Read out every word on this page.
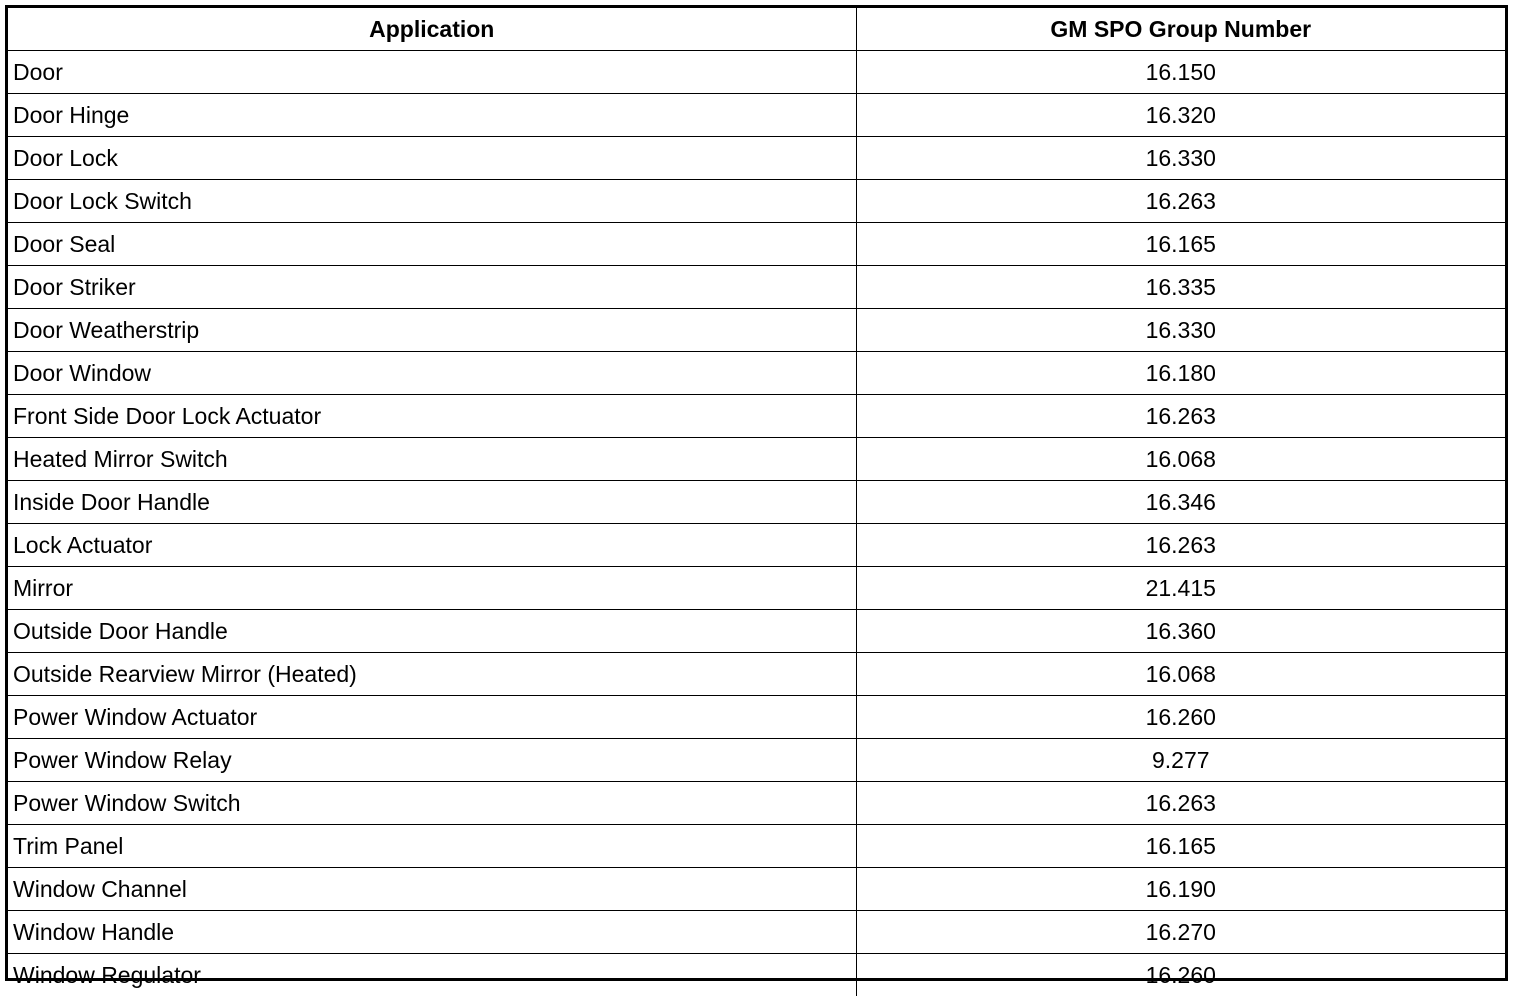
Application	GM SPO Group Number
Door	16.150
Door Hinge	16.320
Door Lock	16.330
Door Lock Switch	16.263
Door Seal	16.165
Door Striker	16.335
Door Weatherstrip	16.330
Door Window	16.180
Front Side Door Lock Actuator	16.263
Heated Mirror Switch	16.068
Inside Door Handle	16.346
Lock Actuator	16.263
Mirror	21.415
Outside Door Handle	16.360
Outside Rearview Mirror (Heated)	16.068
Power Window Actuator	16.260
Power Window Relay	9.277
Power Window Switch	16.263
Trim Panel	16.165
Window Channel	16.190
Window Handle	16.270
Window Regulator	16.260
